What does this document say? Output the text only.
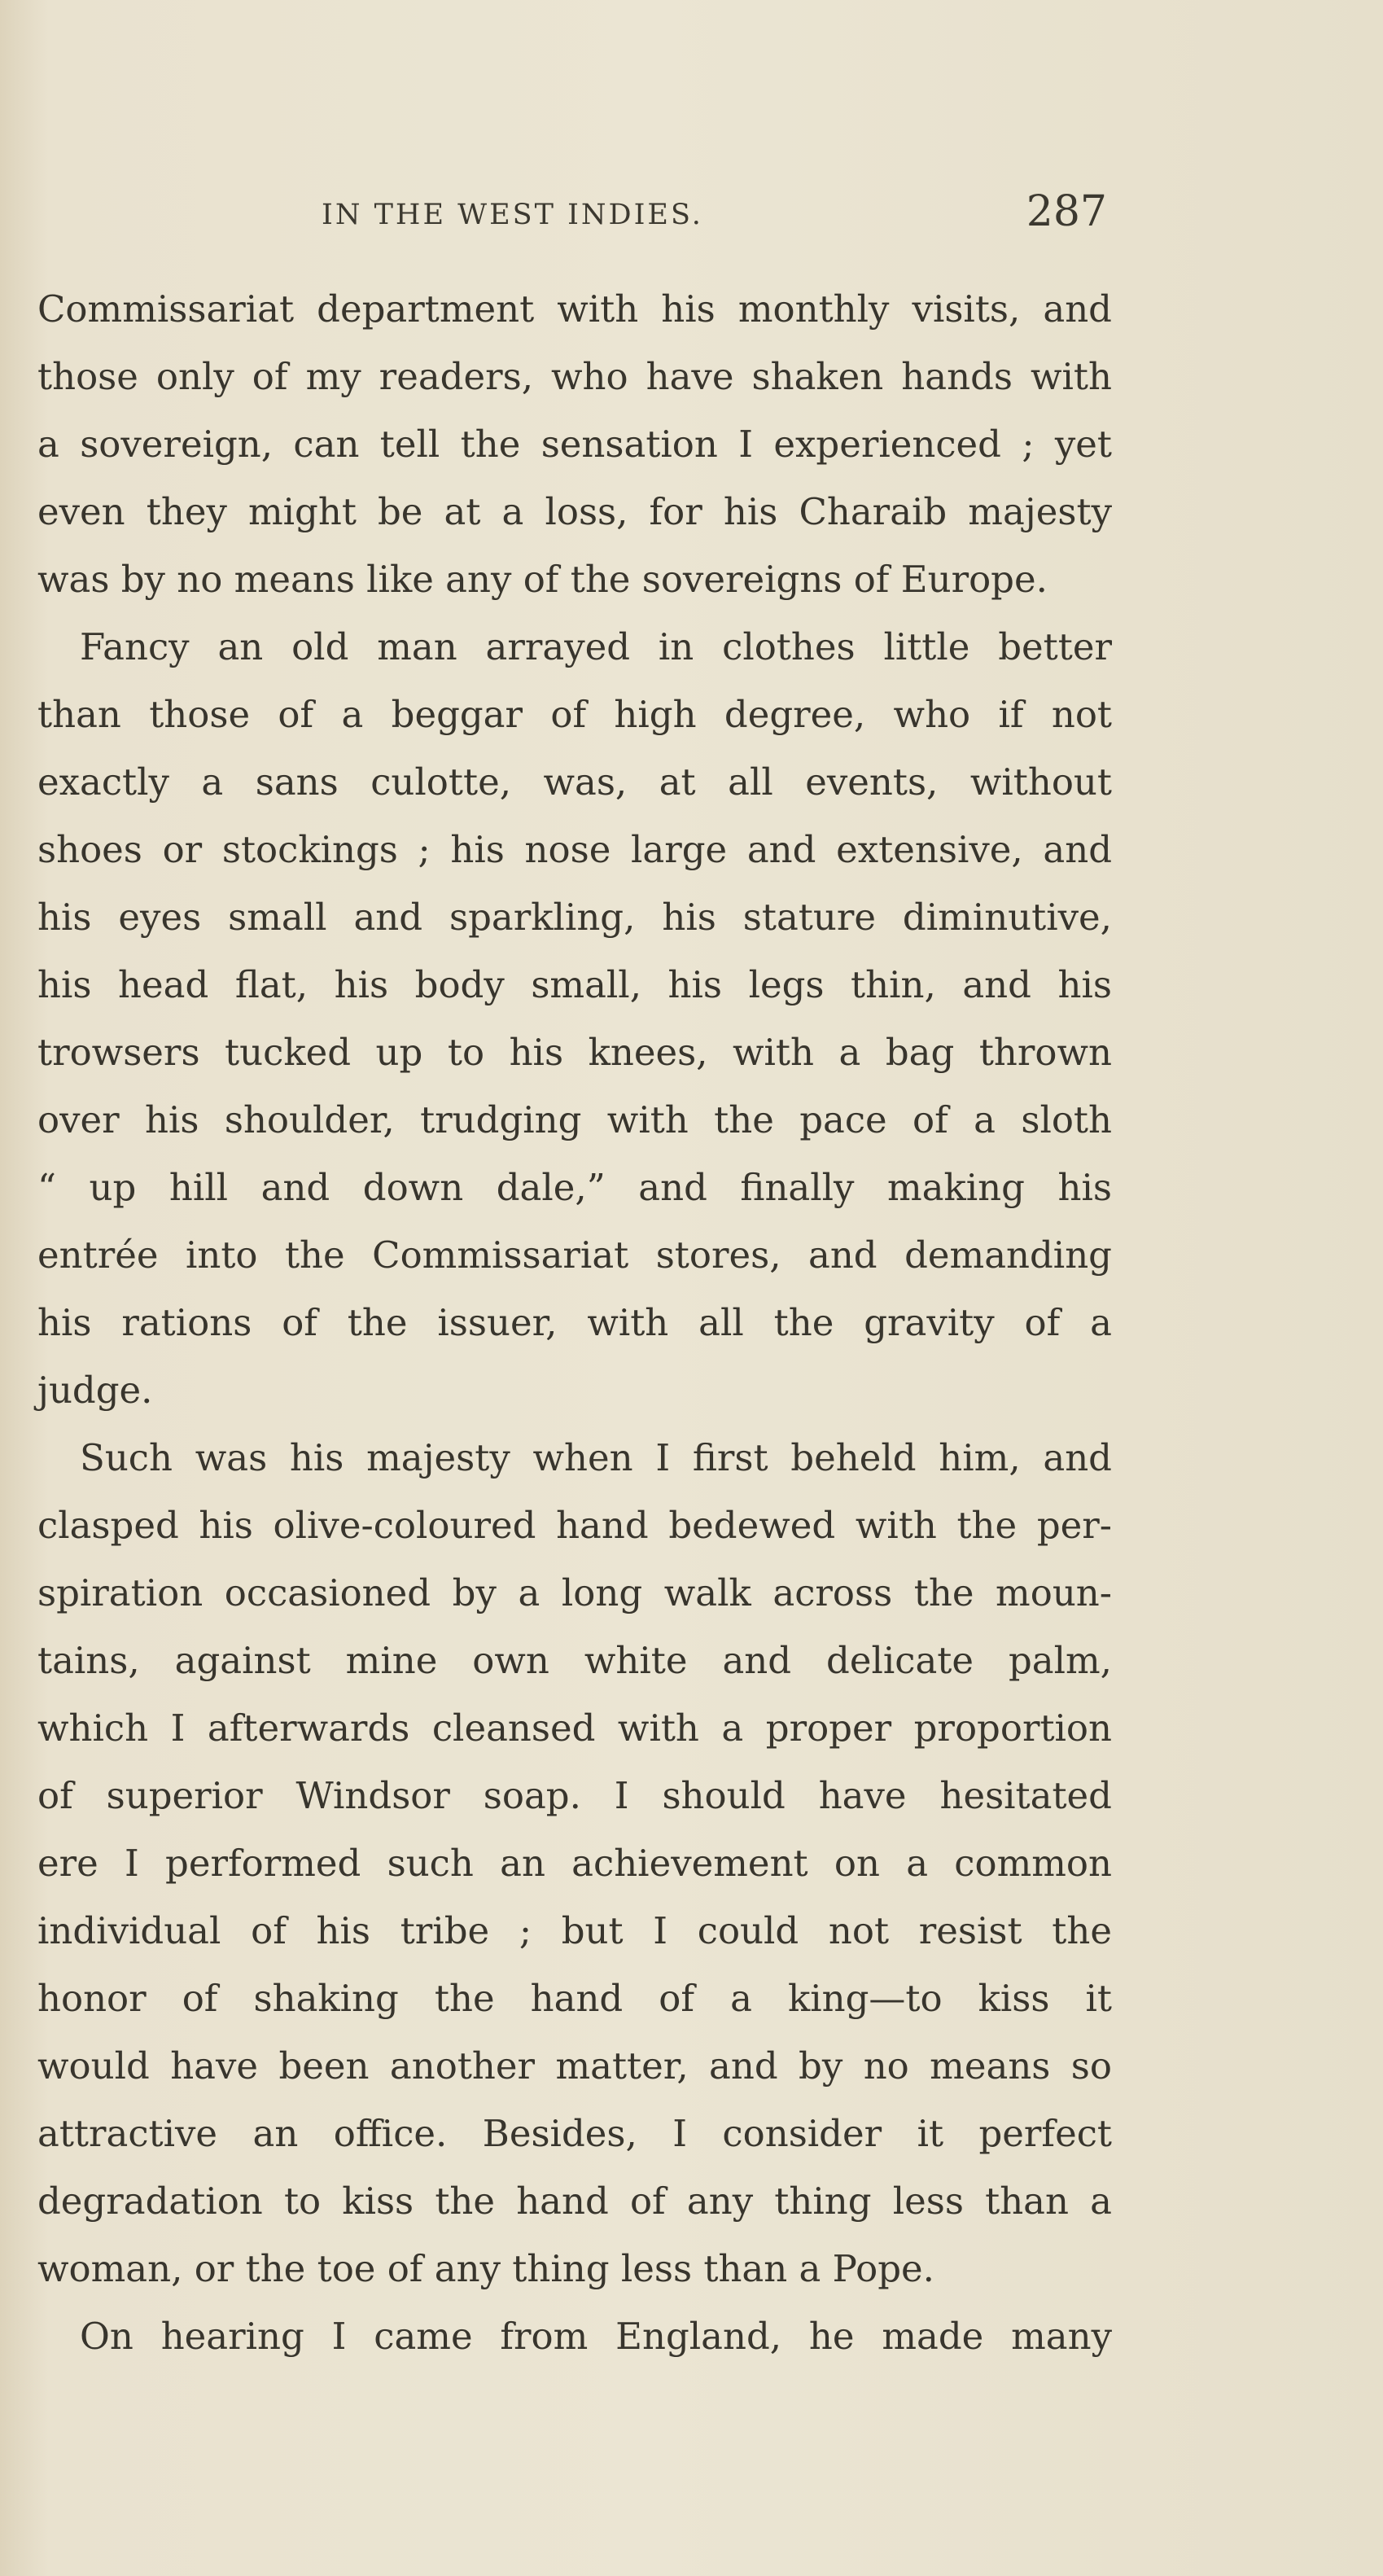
IN THE WEST INDIES.	287
Commissariat department with his monthly visits, and
those only of my readers, who have shaken hands with
a sovereign, can tell the sensation I experienced ; yet
even they might be at a loss, for his Charaib majesty
was by no means like any of the sovereigns of Europe.
Fancy an old man arrayed in clothes little better
than those of a beggar of high degree, who if not
exactly a sans culotte, was, at all events, without
shoes or stockings ; his nose large and extensive, and
his eyes small and sparkling, his stature diminutive,
his head flat, his body small, his legs thin, and his
trowsers tucked up to his knees, with a bag thrown
over his shoulder, trudging with the pace of a sloth
“ up hill and down dale,” and finally making his
entrée into the Commissariat stores, and demanding
his rations of the issuer, with all the gravity of a
judge.
Such was his majesty when I first beheld him, and
clasped his olive-coloured hand bedewed with the per-
spiration occasioned by a long walk across the moun-
tains, against mine own white and delicate palm,
which I afterwards cleansed with a proper proportion
of superior Windsor soap. I should have hesitated
ere I performed such an achievement on a common
individual of his tribe ; but I could not resist the
honor of shaking the hand of a king—to kiss it
would have been another matter, and by no means so
attractive an office. Besides, I consider it perfect
degradation to kiss the hand of any thing less than a
woman, or the toe of any thing less than a Pope.
On hearing I came from England, he made many
